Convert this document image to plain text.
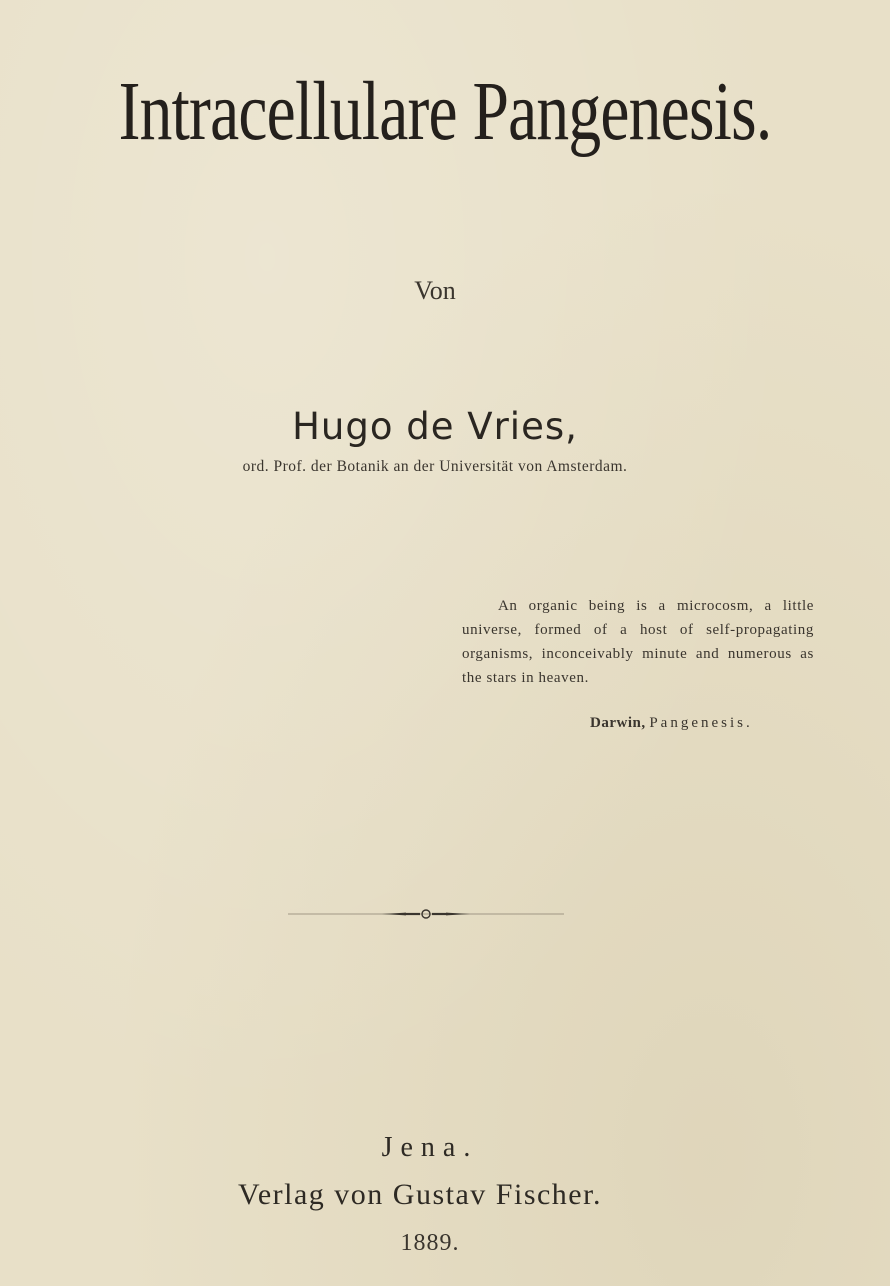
Intracellulare Pangenesis.
Von
Hugo de Vries,
ord. Prof. der Botanik an der Universität von Amsterdam.
An organic being is a microcosm, a little universe, formed of a host of self-propagating organisms, inconceivably minute and numerous as the stars in heaven.
Darwin, Pangenesis.
Jena.
Verlag von Gustav Fischer.
1889.
